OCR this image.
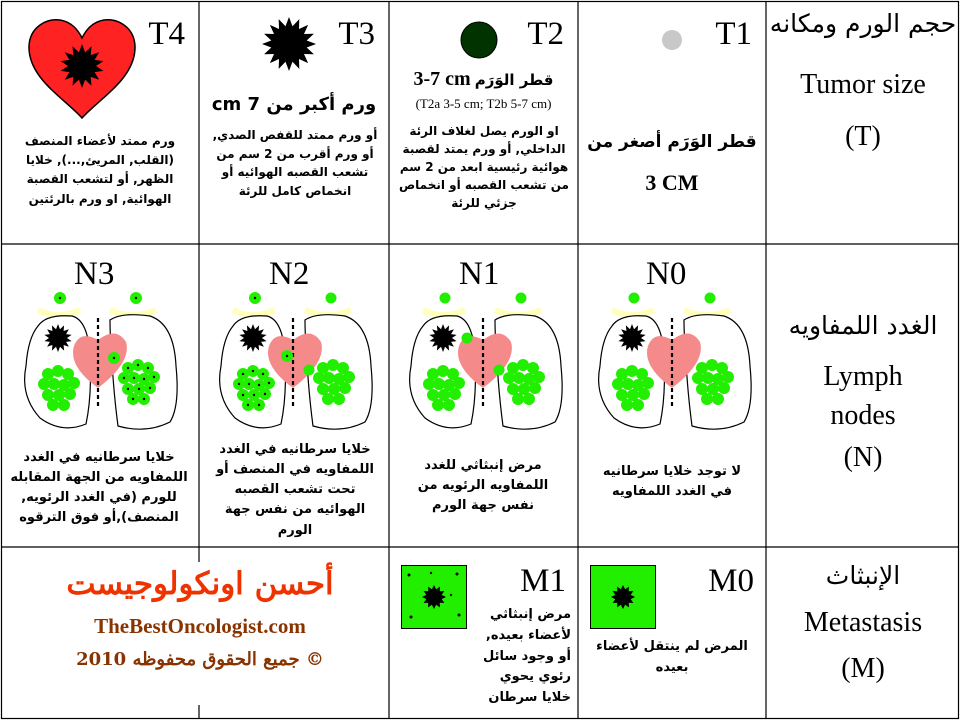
حجم الورم ومكانه
Tumor size
(T)
الغدد اللمفاويه
Lymph nodes
(N)
الإنبثاث
Metastasis
(M)
T1
قطر الوَرَم أصغر من
3 CM
T2
قطر الوَرَم 3-7 cm
(T2a 3-5 cm; T2b 5-7 cm)
او الورم يصل لغلاف الرئة الداخلي, أو ورم يمتد لقصبة هوائية رئيسية ابعد من 2 سم من تشعب القصبه أو انخماص جزئي للرئة
T3
ورم أكبر من 7 cm
أو ورم ممتد للقفص الصدي, أو ورم أقرب من 2 سم من تشعب القصبه الهوائيه أو انخماص كامل للرئة
T4
ورم ممتد لأعضاء المنصف (القلب, المريئ,...), خلايا الظهر, أو لتشعب القصبة الهوائية, او ورم بالرئتين
N0
لا توجد خلايا سرطانيه في الغدد اللمفاويه
N1
مرض إنبثاثي للغدد اللمفاويه الرئويه من نفس جهة الورم
N2
خلايا سرطانيه في الغدد اللمفاويه في المنصف أو تحت تشعب القصبه الهوائيه من نفس جهة الورم
N3
خلايا سرطانيه في الغدد اللمفاويه من الجهة المقابله للورم (في الغدد الرئويه, المنصف),أو فوق الترقوه
M0
المرض لم ينتقل لأعضاء بعيده
M1
مرض إنبثاثي لأعضاء بعيده, أو وجود سائل رئوي يحوي خلايا سرطان
أحسن اونكولوجيست
TheBestOncologist.com
© جميع الحقوق محفوظه 2010
